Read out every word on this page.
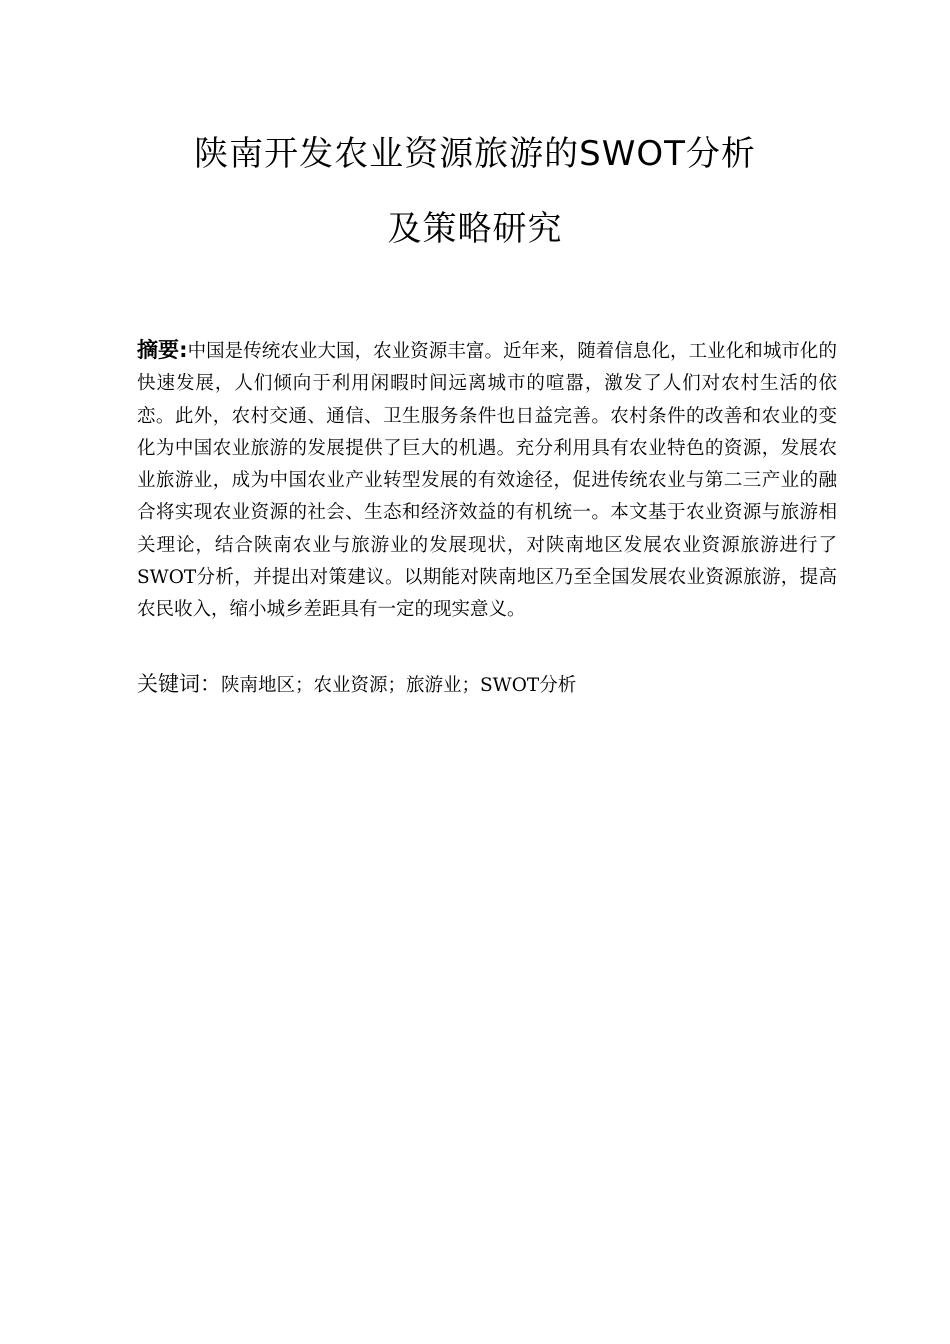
陕南开发农业资源旅游的SWOT分析
及策略研究
摘要:中国是传统农业大国，农业资源丰富。近年来，随着信息化，工业化和城市化的快速发展，人们倾向于利用闲暇时间远离城市的喧嚣，激发了人们对农村生活的依恋。此外，农村交通、通信、卫生服务条件也日益完善。农村条件的改善和农业的变化为中国农业旅游的发展提供了巨大的机遇。充分利用具有农业特色的资源，发展农业旅游业，成为中国农业产业转型发展的有效途径，促进传统农业与第二三产业的融合将实现农业资源的社会、生态和经济效益的有机统一。本文基于农业资源与旅游相关理论，结合陕南农业与旅游业的发展现状，对陕南地区发展农业资源旅游进行了SWOT分析，并提出对策建议。以期能对陕南地区乃至全国发展农业资源旅游，提高农民收入，缩小城乡差距具有一定的现实意义。
关键词：陕南地区；农业资源；旅游业；SWOT分析
